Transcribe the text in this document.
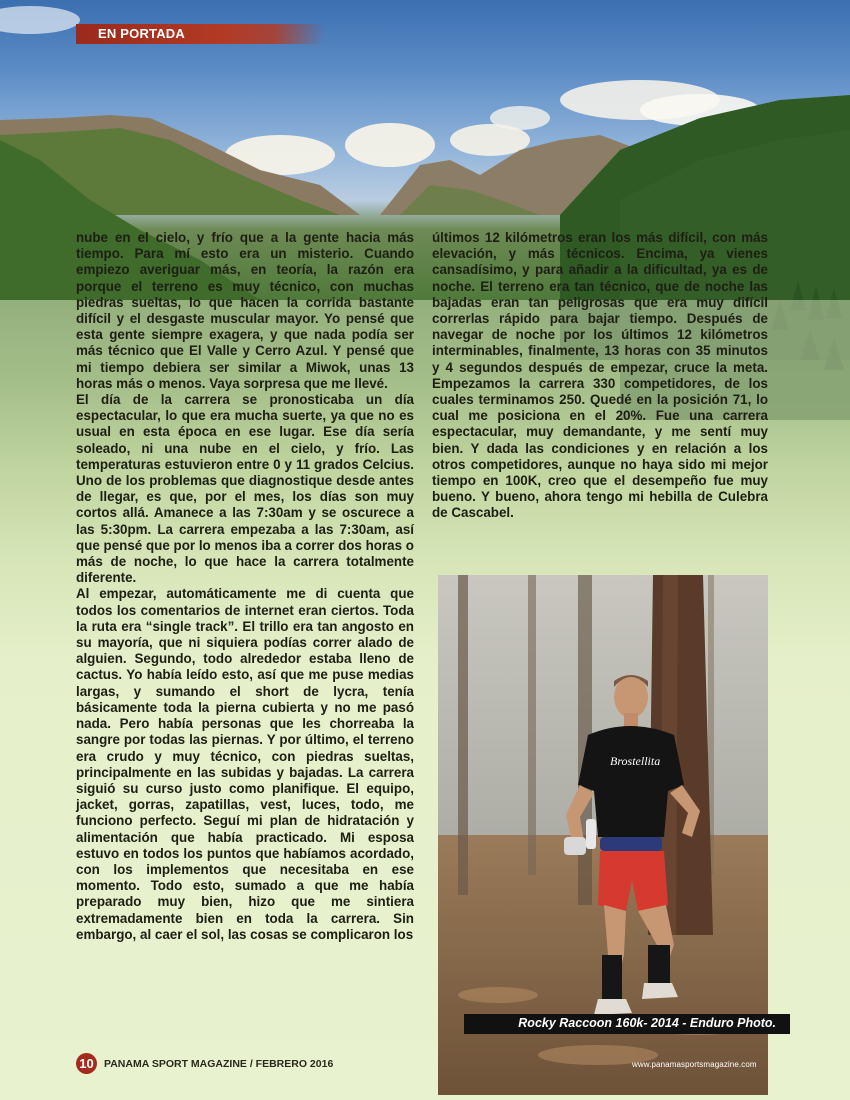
EN PORTADA

nube en el cielo, y frío que a la gente hacia más tiempo. Para mí esto era un misterio. Cuando empiezo averiguar más, en teoría, la razón era porque el terreno es muy técnico, con muchas piedras sueltas, lo que hacen la corrida bastante difícil y el desgaste muscular mayor. Yo pensé que esta gente siempre exagera, y que nada podía ser más técnico que El Valle y Cerro Azul. Y pensé que mi tiempo debiera ser similar a Miwok, unas 13 horas más o menos. Vaya sorpresa que me llevé.

El día de la carrera se pronosticaba un día espectacular, lo que era mucha suerte, ya que no es usual en esta época en ese lugar. Ese día sería soleado, ni una nube en el cielo, y frío. Las temperaturas estuvieron entre 0 y 11 grados Celcius. Uno de los problemas que diagnostique desde antes de llegar, es que, por el mes, los días son muy cortos allá. Amanece a las 7:30am y se oscurece a las 5:30pm. La carrera empezaba a las 7:30am, así que pensé que por lo menos iba a correr dos horas o más de noche, lo que hace la carrera totalmente diferente.

Al empezar, automáticamente me di cuenta que todos los comentarios de internet eran ciertos. Toda la ruta era “single track”. El trillo era tan angosto en su mayoría, que ni siquiera podías correr alado de alguien. Segundo, todo alrededor estaba lleno de cactus. Yo había leído esto, así que me puse medias largas, y sumando el short de lycra, tenía básicamente toda la pierna cubierta y no me pasó nada. Pero había personas que les chorreaba la sangre por todas las piernas. Y por último, el terreno era crudo y muy técnico, con piedras sueltas, principalmente en las subidas y bajadas. La carrera siguió su curso justo como planifique. El equipo, jacket, gorras, zapatillas, vest, luces, todo, me funciono perfecto. Seguí mi plan de hidratación y alimentación que había practicado. Mi esposa estuvo en todos los puntos que habíamos acordado, con los implementos que necesitaba en ese momento. Todo esto, sumado a que me había preparado muy bien, hizo que me sintiera extremadamente bien en toda la carrera. Sin embargo, al caer el sol, las cosas se complicaron los

últimos 12 kilómetros eran los más difícil, con más elevación, y más técnicos. Encima, ya vienes cansadísimo, y para añadir a la dificultad, ya es de noche. El terreno era tan técnico, que de noche las bajadas eran tan peligrosas que era muy difícil correrlas rápido para bajar tiempo. Después de navegar de noche por los últimos 12 kilómetros interminables, finalmente, 13 horas con 35 minutos y 4 segundos después de empezar, cruce la meta. Empezamos la carrera 330 competidores, de los cuales terminamos 250. Quedé en la posición 71, lo cual me posiciona en el 20%. Fue una carrera espectacular, muy demandante, y me sentí muy bien. Y dada las condiciones y en relación a los otros competidores, aunque no haya sido mi mejor tiempo en 100K, creo que el desempeño fue muy bueno. Y bueno, ahora tengo mi hebilla de Culebra de Cascabel.

Brostellita
Rocky Raccoon 160k- 2014 - Enduro Photo.
www.panamasportsmagazine.com
10 PANAMA SPORT MAGAZINE / FEBRERO 2016
